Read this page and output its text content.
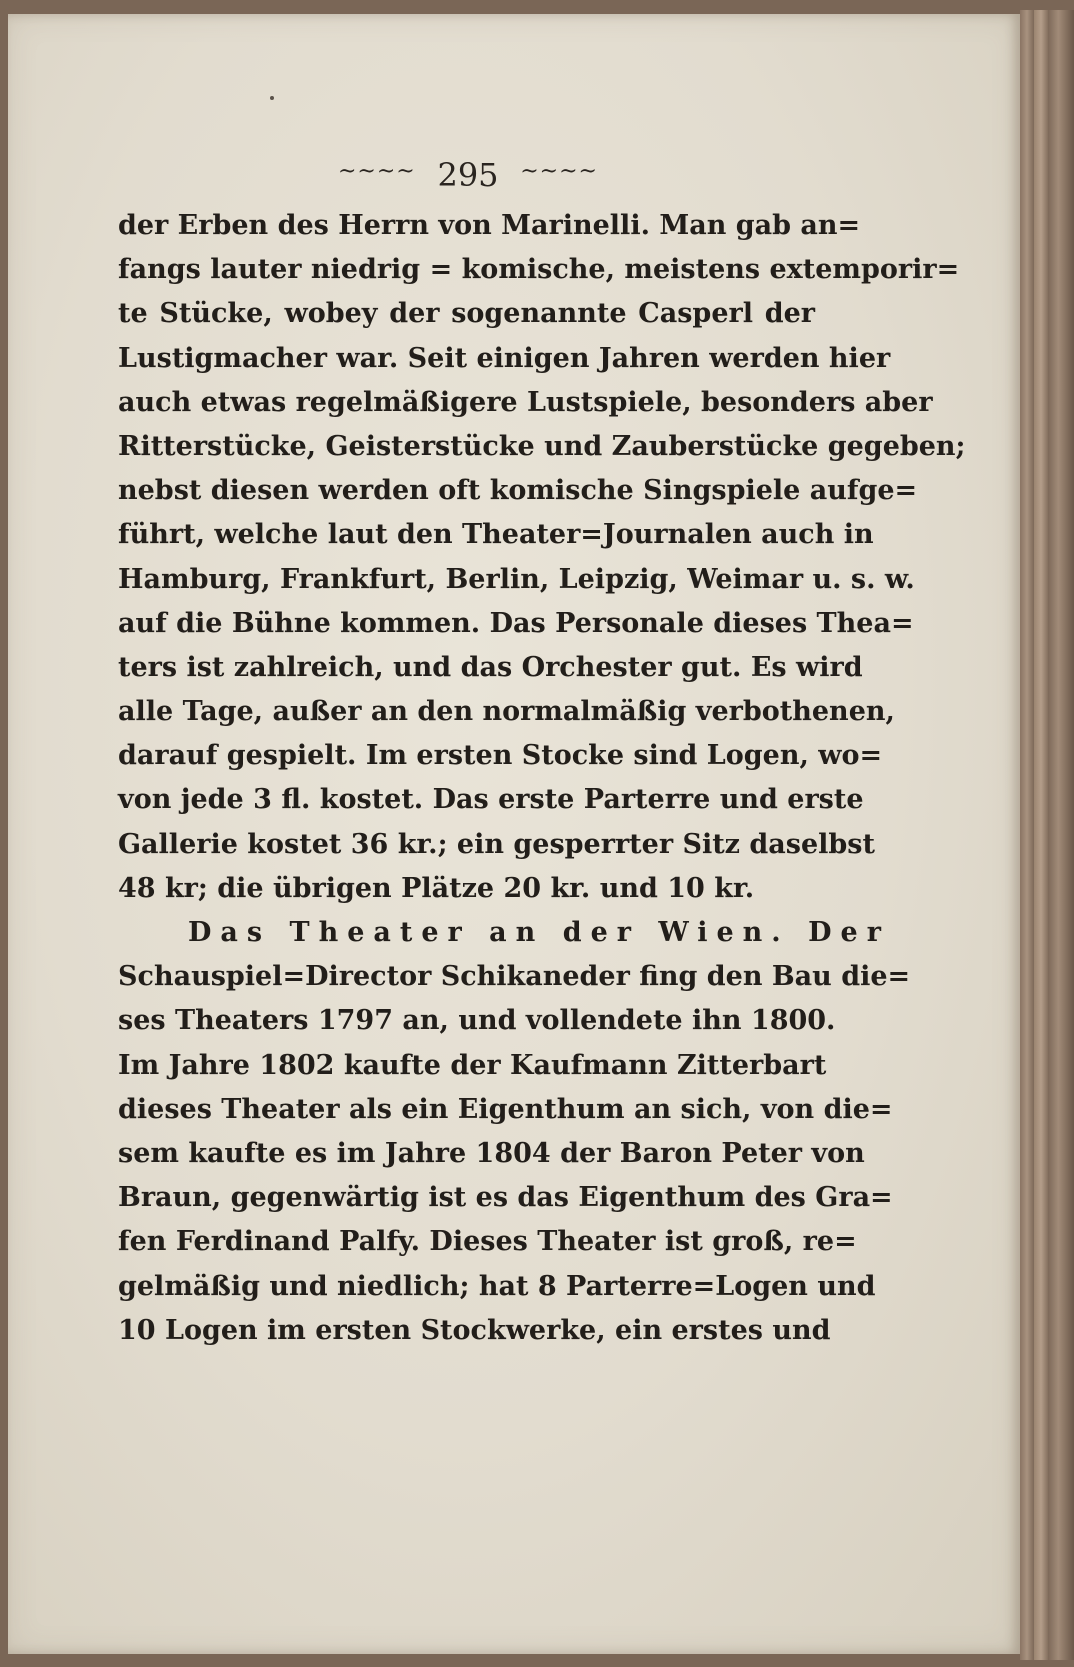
~~~~ 295 ~~~~
der Erben des Herrn von Marinelli. Man gab an=
fangs lauter niedrig = komische, meistens extemporir=
te Stücke, wobey der sogenannte Casperl der
Lustigmacher war. Seit einigen Jahren werden hier
auch etwas regelmäßigere Lustspiele, besonders aber
Ritterstücke, Geisterstücke und Zauberstücke gegeben;
nebst diesen werden oft komische Singspiele aufge=
führt, welche laut den Theater=Journalen auch in
Hamburg, Frankfurt, Berlin, Leipzig, Weimar u. s. w.
auf die Bühne kommen. Das Personale dieses Thea=
ters ist zahlreich, und das Orchester gut. Es wird
alle Tage, außer an den normalmäßig verbothenen,
darauf gespielt. Im ersten Stocke sind Logen, wo=
von jede 3 fl. kostet. Das erste Parterre und erste
Gallerie kostet 36 kr.; ein gesperrter Sitz daselbst
48 kr; die übrigen Plätze 20 kr. und 10 kr.
Das Theater an der Wien. Der
Schauspiel=Director Schikaneder fing den Bau die=
ses Theaters 1797 an, und vollendete ihn 1800.
Im Jahre 1802 kaufte der Kaufmann Zitterbart
dieses Theater als ein Eigenthum an sich, von die=
sem kaufte es im Jahre 1804 der Baron Peter von
Braun, gegenwärtig ist es das Eigenthum des Gra=
fen Ferdinand Palfy. Dieses Theater ist groß, re=
gelmäßig und niedlich; hat 8 Parterre=Logen und
10 Logen im ersten Stockwerke, ein erstes und
